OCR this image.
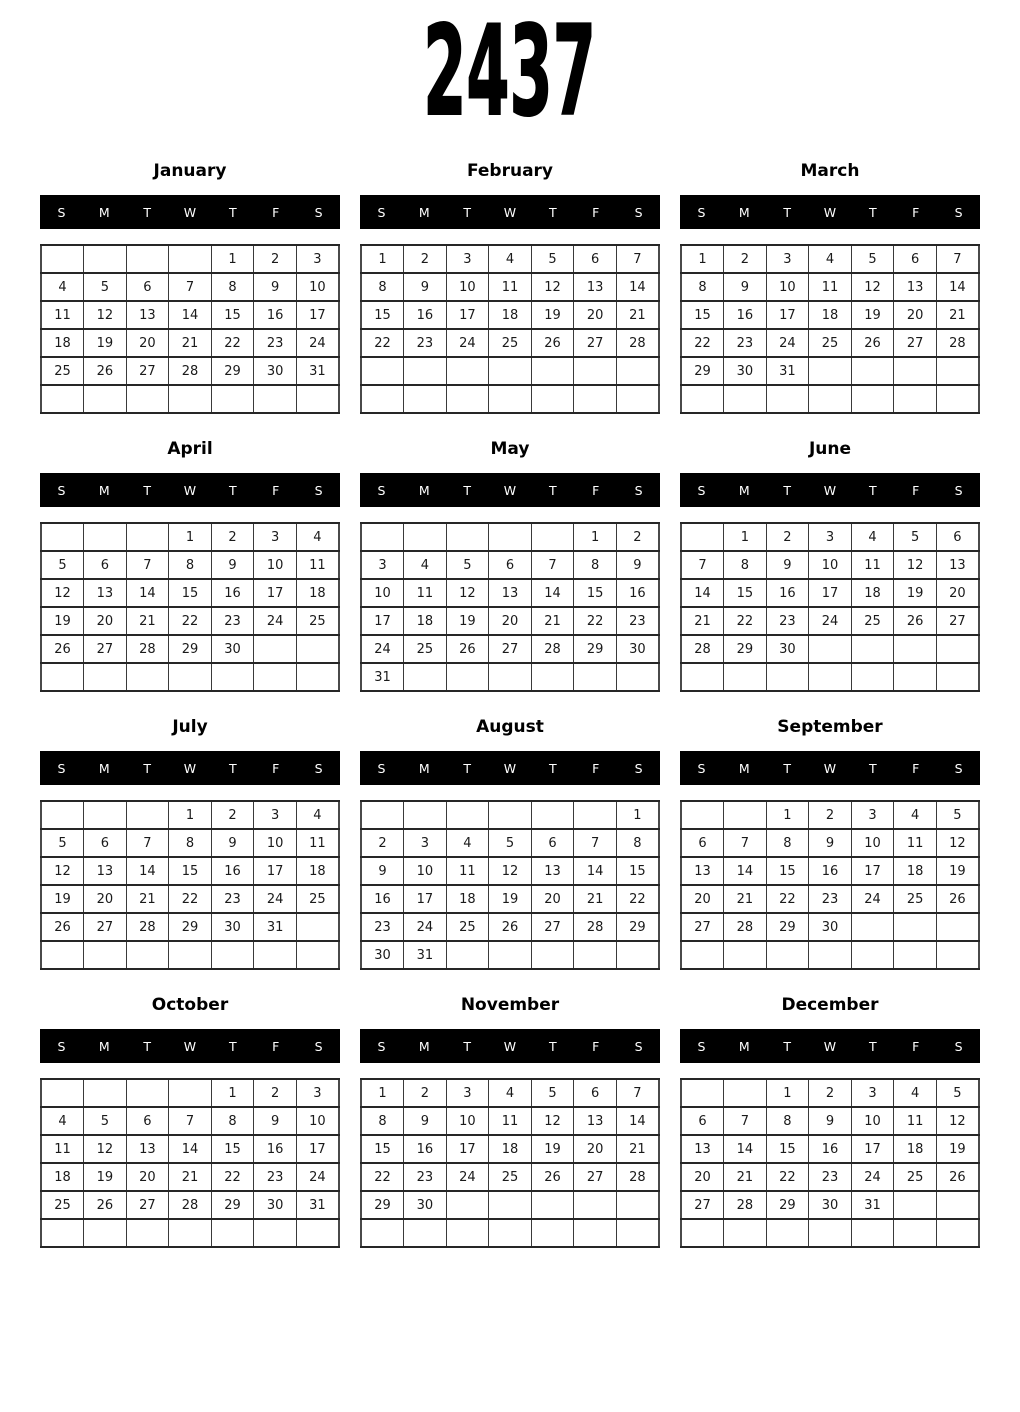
2437
January
S	M	T	W	T	F	S
				1	2	3
4	5	6	7	8	9	10
11	12	13	14	15	16	17
18	19	20	21	22	23	24
25	26	27	28	29	30	31

February
S	M	T	W	T	F	S
1	2	3	4	5	6	7
8	9	10	11	12	13	14
15	16	17	18	19	20	21
22	23	24	25	26	27	28

March
S	M	T	W	T	F	S
1	2	3	4	5	6	7
8	9	10	11	12	13	14
15	16	17	18	19	20	21
22	23	24	25	26	27	28
29	30	31				

April
S	M	T	W	T	F	S
			1	2	3	4
5	6	7	8	9	10	11
12	13	14	15	16	17	18
19	20	21	22	23	24	25
26	27	28	29	30		

May
S	M	T	W	T	F	S
					1	2
3	4	5	6	7	8	9
10	11	12	13	14	15	16
17	18	19	20	21	22	23
24	25	26	27	28	29	30
31						
June
S	M	T	W	T	F	S
	1	2	3	4	5	6
7	8	9	10	11	12	13
14	15	16	17	18	19	20
21	22	23	24	25	26	27
28	29	30				

July
S	M	T	W	T	F	S
			1	2	3	4
5	6	7	8	9	10	11
12	13	14	15	16	17	18
19	20	21	22	23	24	25
26	27	28	29	30	31	

August
S	M	T	W	T	F	S
						1
2	3	4	5	6	7	8
9	10	11	12	13	14	15
16	17	18	19	20	21	22
23	24	25	26	27	28	29
30	31					
September
S	M	T	W	T	F	S
		1	2	3	4	5
6	7	8	9	10	11	12
13	14	15	16	17	18	19
20	21	22	23	24	25	26
27	28	29	30			

October
S	M	T	W	T	F	S
				1	2	3
4	5	6	7	8	9	10
11	12	13	14	15	16	17
18	19	20	21	22	23	24
25	26	27	28	29	30	31

November
S	M	T	W	T	F	S
1	2	3	4	5	6	7
8	9	10	11	12	13	14
15	16	17	18	19	20	21
22	23	24	25	26	27	28
29	30					

December
S	M	T	W	T	F	S
		1	2	3	4	5
6	7	8	9	10	11	12
13	14	15	16	17	18	19
20	21	22	23	24	25	26
27	28	29	30	31		
